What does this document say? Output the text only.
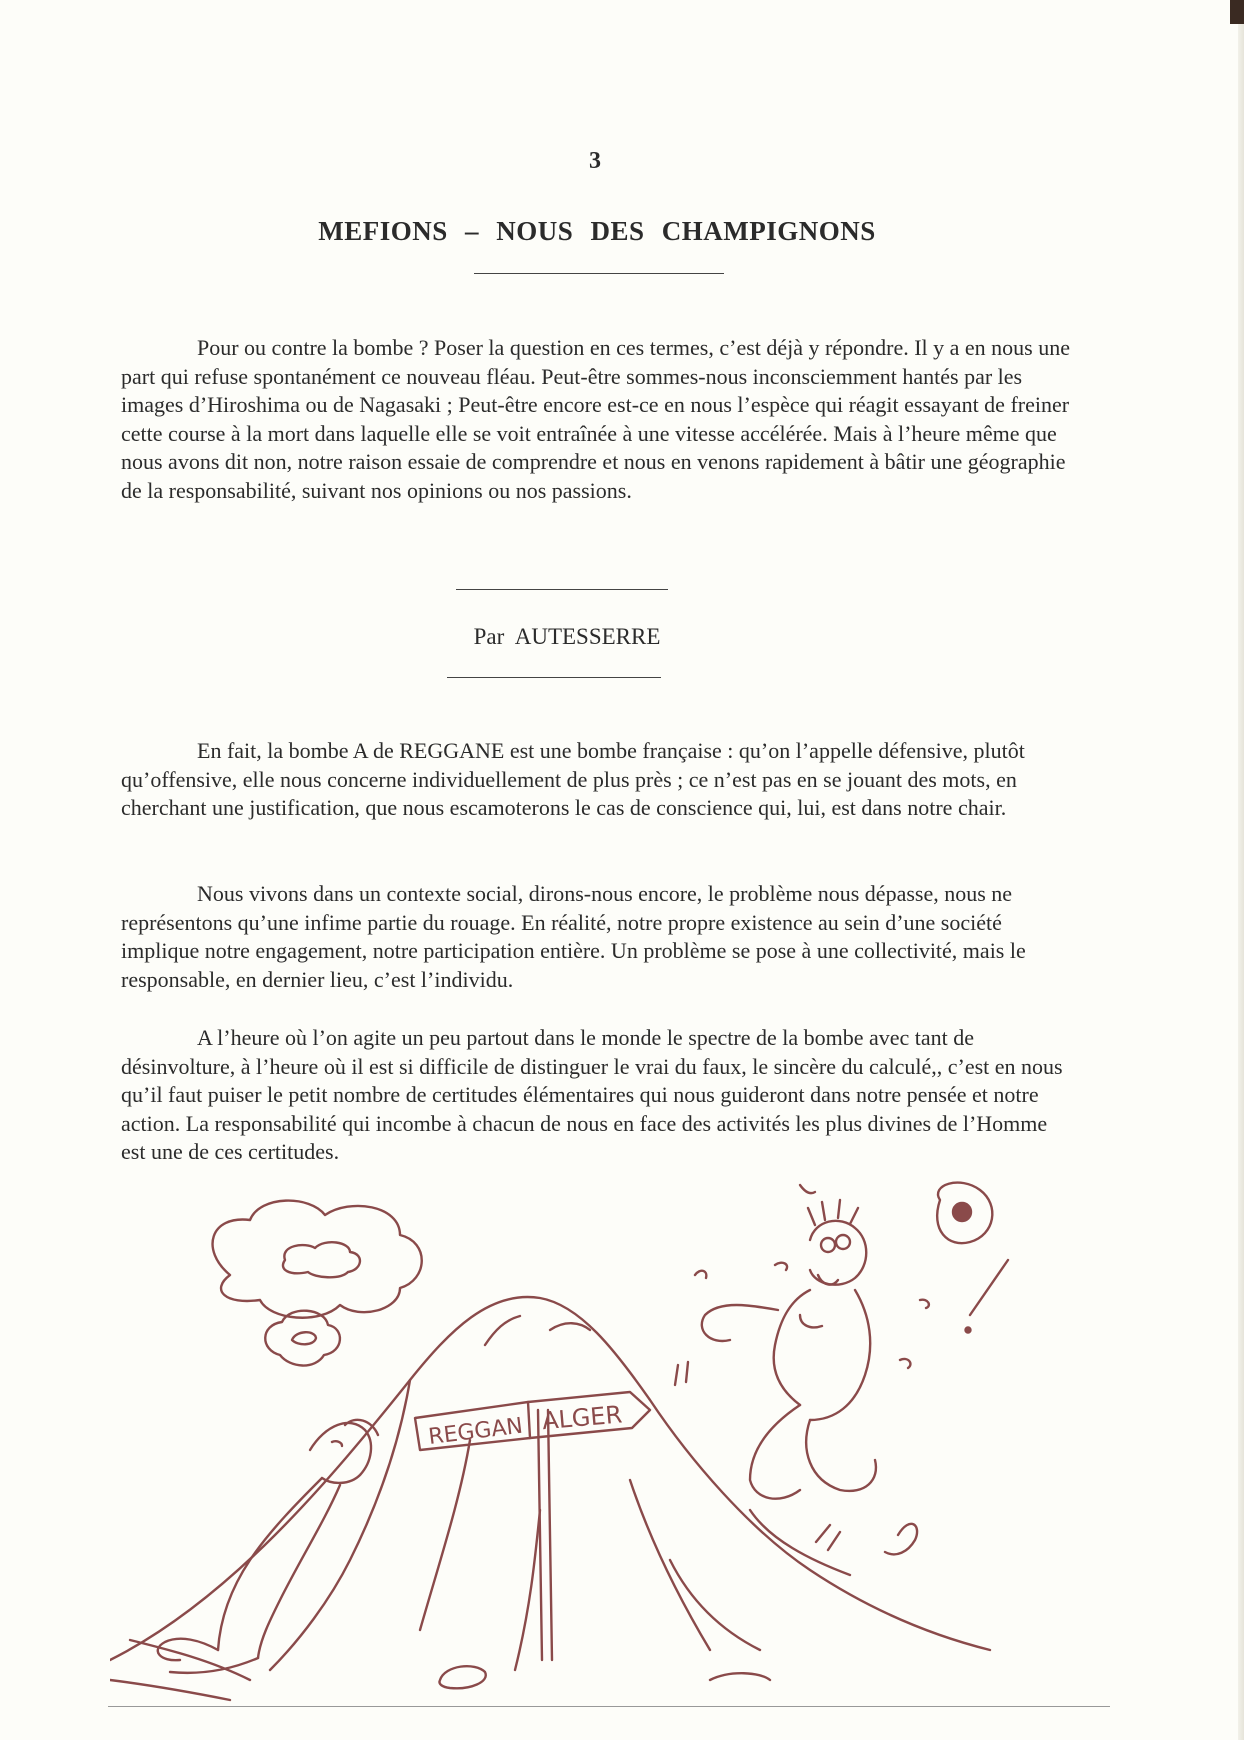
3
MEFIONS – NOUS DES CHAMPIGNONS

Pour ou contre la bombe ? Poser la question en ces termes, c’est déjà y répondre. Il y a en nous une part qui refuse spontanément ce nouveau fléau. Peut-être sommes-nous inconsciemment hantés par les images d’Hiroshima ou de Nagasaki ; Peut-être encore est-ce en nous l’espèce qui réagit essayant de freiner cette course à la mort dans laquelle elle se voit entraînée à une vitesse accélérée. Mais à l’heure même que nous avons dit non, notre raison essaie de comprendre et nous en venons rapidement à bâtir une géographie de la responsabilité, suivant nos opinions ou nos passions.

Par AUTESSERRE

En fait, la bombe A de REGGANE est une bombe française : qu’on l’appelle défensive, plutôt qu’offensive, elle nous concerne individuellement de plus près ; ce n’est pas en se jouant des mots, en cherchant une justification, que nous escamoterons le cas de conscience qui, lui, est dans notre chair.

Nous vivons dans un contexte social, dirons-nous encore, le problème nous dépasse, nous ne représentons qu’une infime partie du rouage. En réalité, notre propre existence au sein d’une société implique notre engagement, notre participation entière. Un problème se pose à une collectivité, mais le responsable, en dernier lieu, c’est l’individu.

A l’heure où l’on agite un peu partout dans le monde le spectre de la bombe avec tant de désinvolture, à l’heure où il est si difficile de distinguer le vrai du faux, le sincère du calculé,, c’est en nous qu’il faut puiser le petit nombre de certitudes élémentaires qui nous guideront dans notre pensée et notre action. La responsabilité qui incombe à chacun de nous en face des activités les plus divines de l’Homme est une de ces certitudes.

REGGAN ALGER
